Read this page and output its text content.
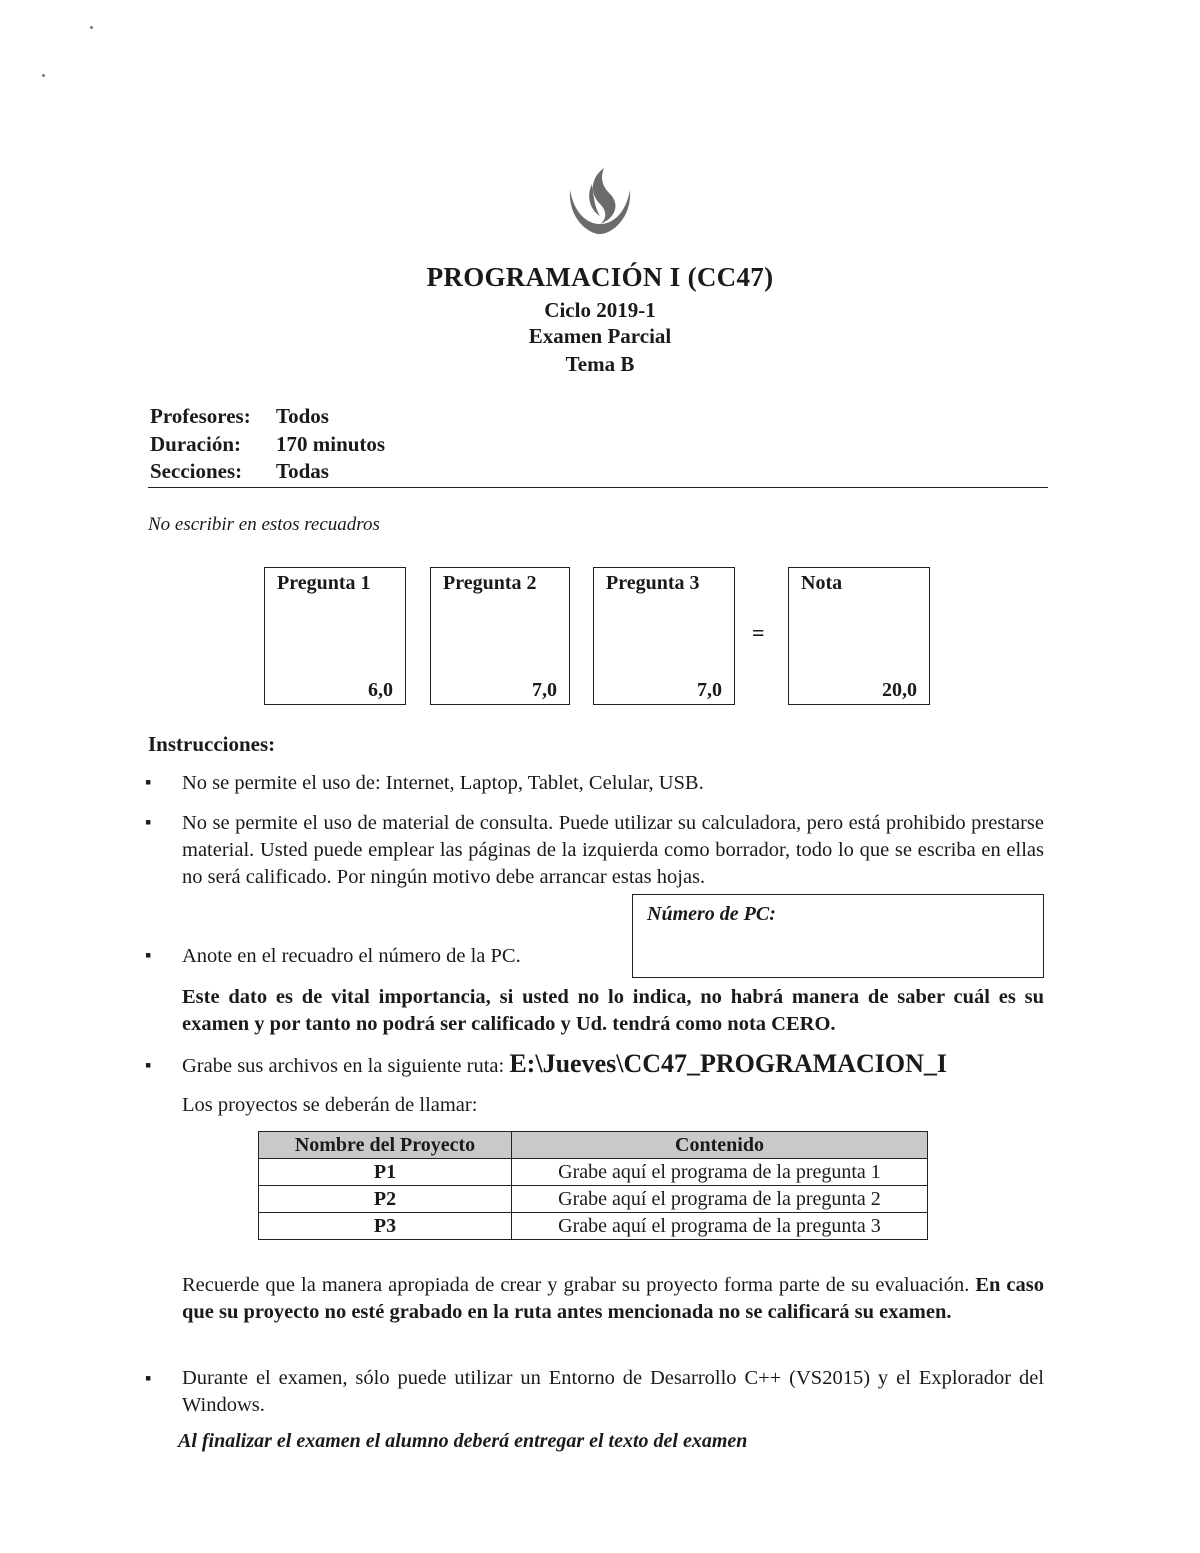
PROGRAMACIÓN I (CC47)
Ciclo 2019-1
Examen Parcial
Tema B
Profesores: Todos
Duración: 170 minutos
Secciones: Todas
No escribir en estos recuadros
Pregunta 1
6,0
Pregunta 2
7,0
Pregunta 3
7,0
=
Nota
20,0
Instrucciones:
▪ No se permite el uso de: Internet, Laptop, Tablet, Celular, USB.
▪ No se permite el uso de material de consulta. Puede utilizar su calculadora, pero está prohibido prestarse material. Usted puede emplear las páginas de la izquierda como borrador, todo lo que se escriba en ellas no será calificado. Por ningún motivo debe arrancar estas hojas.
Número de PC:
▪ Anote en el recuadro el número de la PC.
Este dato es de vital importancia, si usted no lo indica, no habrá manera de saber cuál es su examen y por tanto no podrá ser calificado y Ud. tendrá como nota CERO.
▪ Grabe sus archivos en la siguiente ruta: E:\Jueves\CC47_PROGRAMACION_I
Los proyectos se deberán de llamar:
Nombre del Proyecto	Contenido
P1	Grabe aquí el programa de la pregunta 1
P2	Grabe aquí el programa de la pregunta 2
P3	Grabe aquí el programa de la pregunta 3
Recuerde que la manera apropiada de crear y grabar su proyecto forma parte de su evaluación. En caso que su proyecto no esté grabado en la ruta antes mencionada no se calificará su examen.
▪ Durante el examen, sólo puede utilizar un Entorno de Desarrollo C++ (VS2015) y el Explorador del Windows.
Al finalizar el examen el alumno deberá entregar el texto del examen
